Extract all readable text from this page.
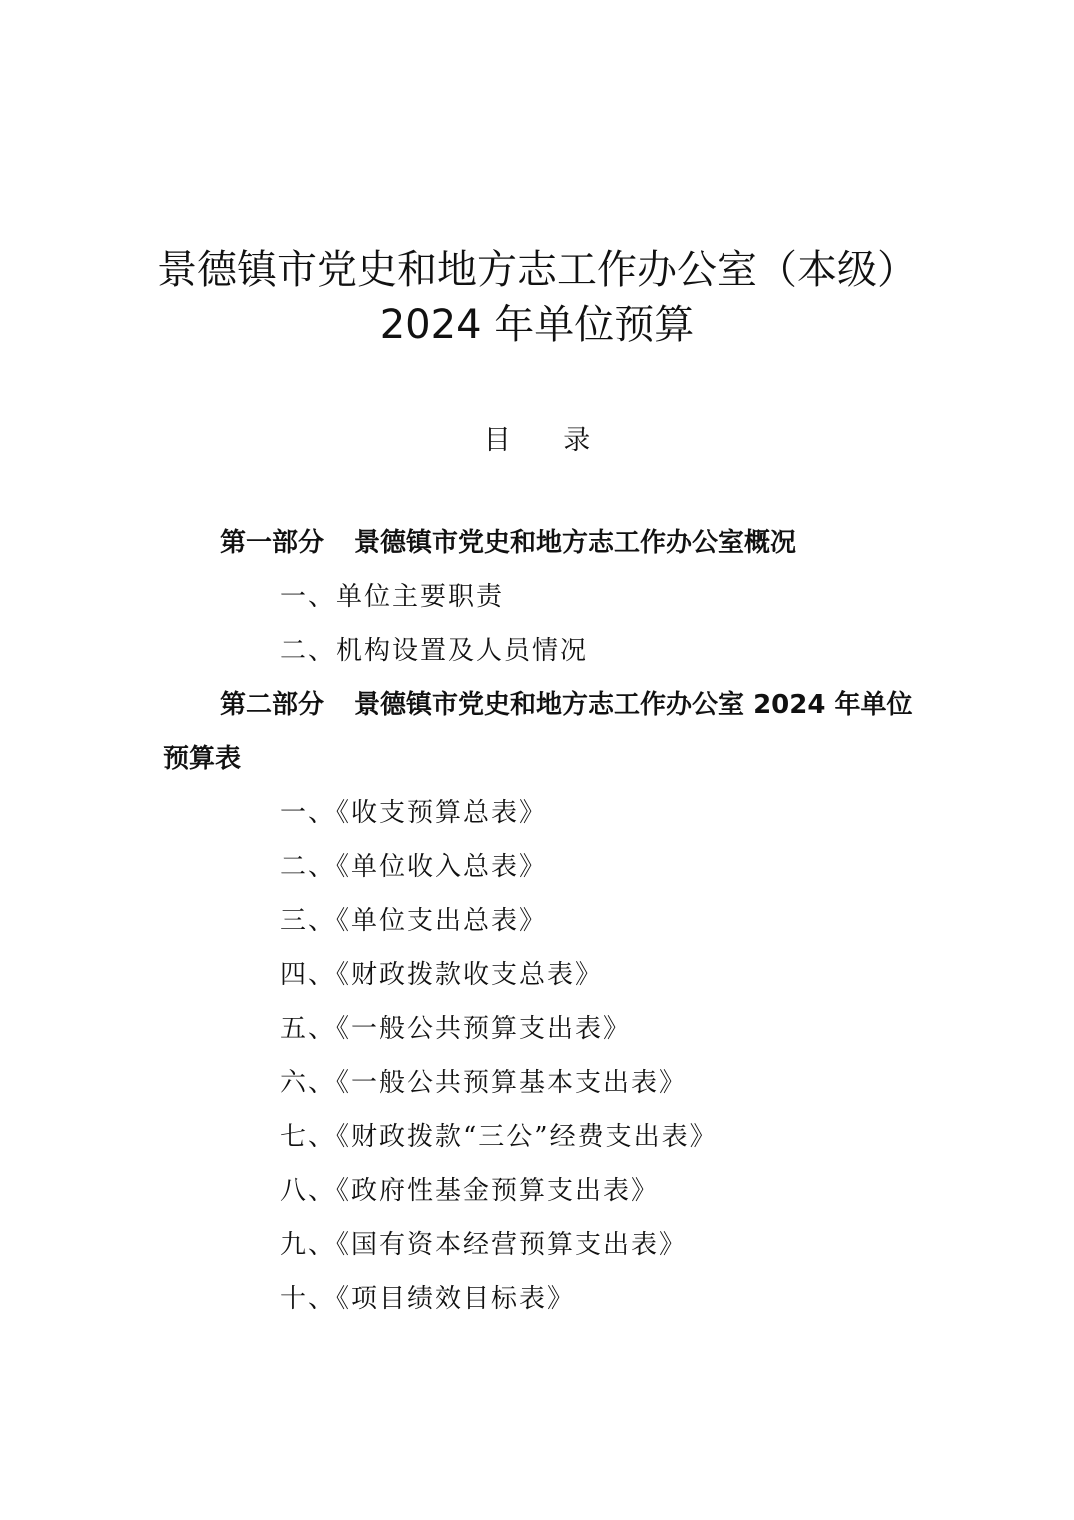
景德镇市党史和地方志工作办公室（本级）
2024 年单位预算
目 录
第一部分 景德镇市党史和地方志工作办公室概况
一、单位主要职责
二、机构设置及人员情况
第二部分 景德镇市党史和地方志工作办公室 2024 年单位预算表
一、《收支预算总表》
二、《单位收入总表》
三、《单位支出总表》
四、《财政拨款收支总表》
五、《一般公共预算支出表》
六、《一般公共预算基本支出表》
七、《财政拨款“三公”经费支出表》
八、《政府性基金预算支出表》
九、《国有资本经营预算支出表》
十、《项目绩效目标表》
